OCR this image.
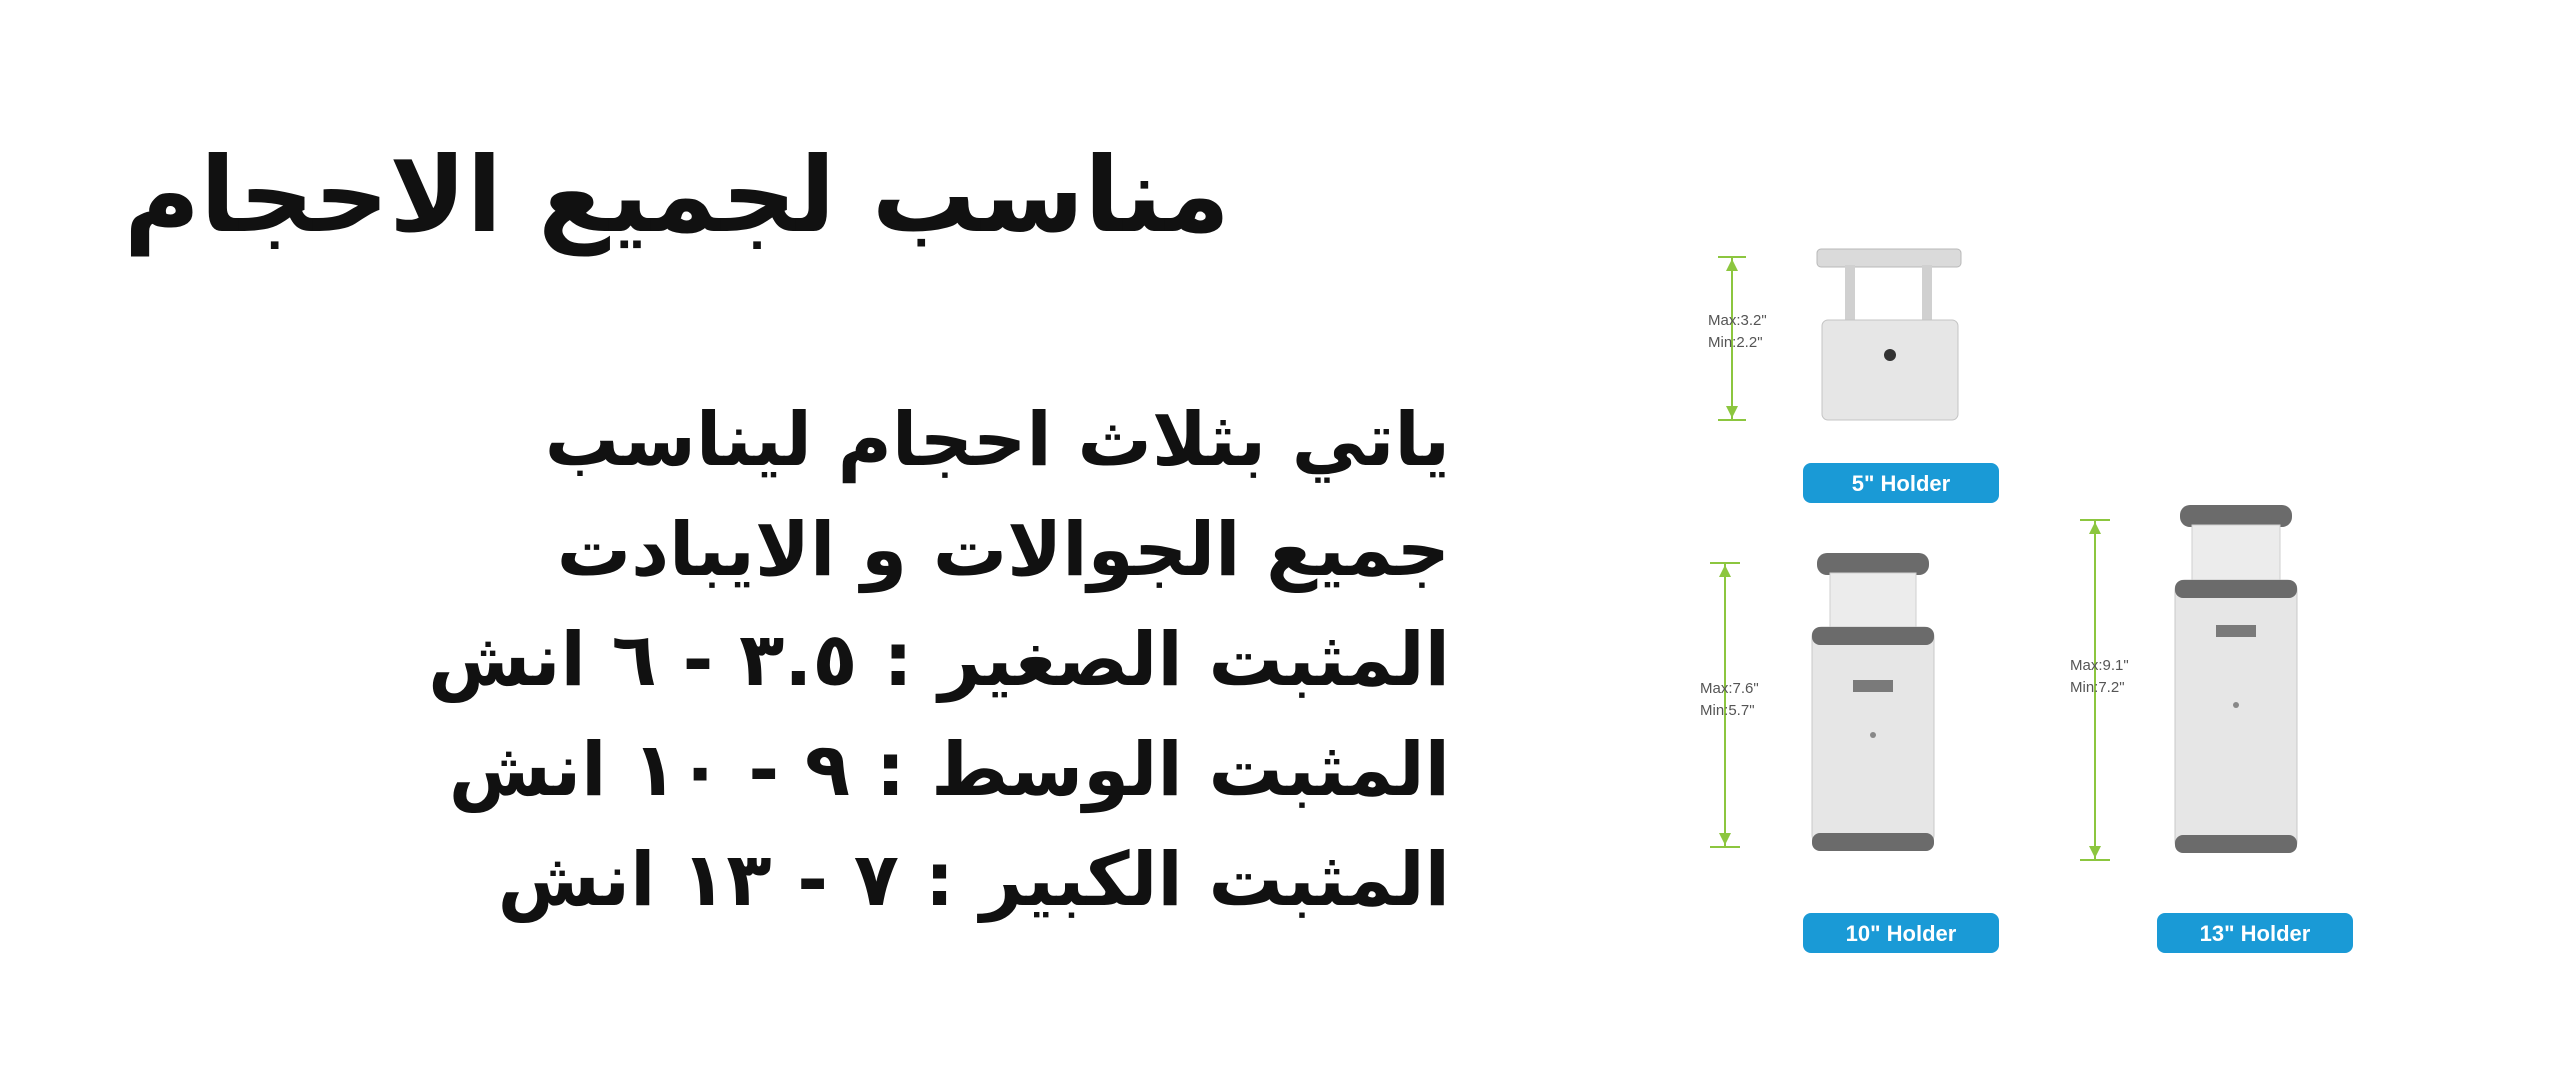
مناسب لجميع الاحجام
ياتي بثلاث احجام ليناسب
جميع الجوالات و الايبادت
المثبت الصغير : ٣.٥ - ٦ انش
المثبت الوسط : ٩ - ١٠ انش
المثبت الكبير : ٧ - ١٣ انش
Max:3.2"
Min:2.2"
5" Holder
Max:7.6"
Min:5.7"
10" Holder
Max:9.1"
Min:7.2"
13" Holder
